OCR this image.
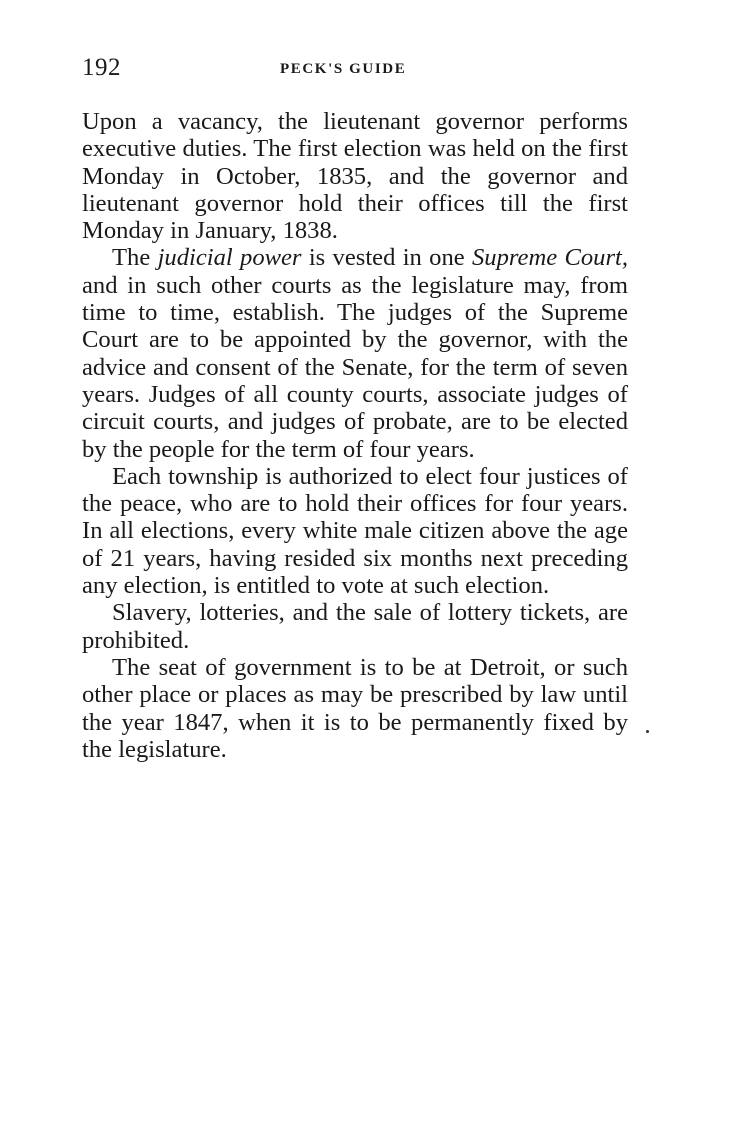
192	PECK'S GUIDE

Upon a vacancy, the lieutenant governor performs executive duties. The first election was held on the first Monday in October, 1835, and the governor and lieutenant governor hold their offices till the first Monday in January, 1838.

The judicial power is vested in one Supreme Court, and in such other courts as the legislature may, from time to time, establish. The judges of the Supreme Court are to be appointed by the governor, with the advice and consent of the Senate, for the term of seven years. Judges of all county courts, associate judges of circuit courts, and judges of probate, are to be elected by the people for the term of four years.

Each township is authorized to elect four justices of the peace, who are to hold their offices for four years. In all elections, every white male citizen above the age of 21 years, having resided six months next preceding any election, is entitled to vote at such election.

Slavery, lotteries, and the sale of lottery tickets, are prohibited.

The seat of government is to be at Detroit, or such other place or places as may be prescribed by law until the year 1847, when it is to be permanently fixed by the legislature.
